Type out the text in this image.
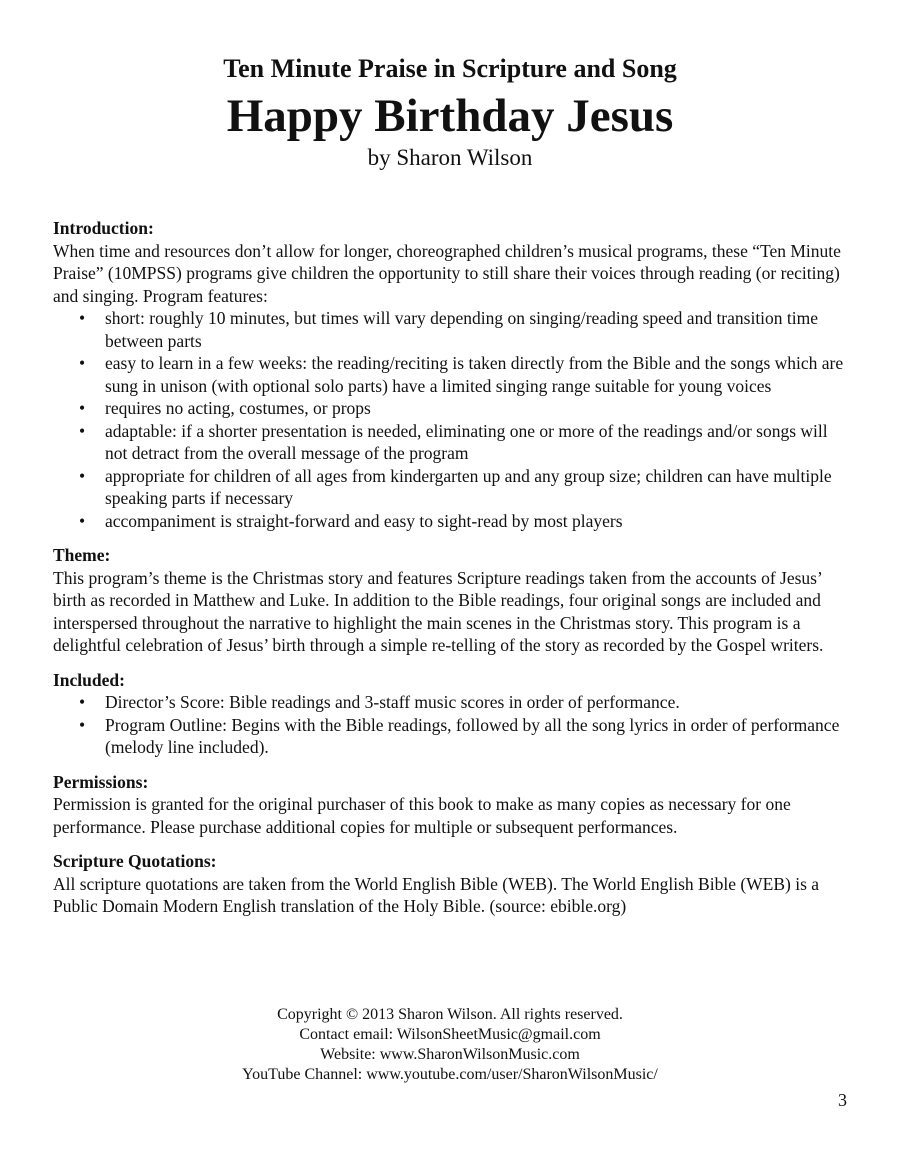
Ten Minute Praise in Scripture and Song

Happy Birthday Jesus

by Sharon Wilson

Introduction:

When time and resources don’t allow for longer, choreographed children’s musical programs, these “Ten Minute Praise” (10MPSS) programs give children the opportunity to still share their voices through reading (or reciting) and singing. Program features:

• short: roughly 10 minutes, but times will vary depending on singing/reading speed and transition time between parts
• easy to learn in a few weeks: the reading/reciting is taken directly from the Bible and the songs which are sung in unison (with optional solo parts) have a limited singing range suitable for young voices
• requires no acting, costumes, or props
• adaptable: if a shorter presentation is needed, eliminating one or more of the readings and/or songs will not detract from the overall message of the program
• appropriate for children of all ages from kindergarten up and any group size; children can have multiple speaking parts if necessary
• accompaniment is straight-forward and easy to sight-read by most players

Theme:

This program’s theme is the Christmas story and features Scripture readings taken from the accounts of Jesus’ birth as recorded in Matthew and Luke. In addition to the Bible readings, four original songs are included and interspersed throughout the narrative to highlight the main scenes in the Christmas story. This program is a delightful celebration of Jesus’ birth through a simple re-telling of the story as recorded by the Gospel writers.

Included:

• Director’s Score: Bible readings and 3-staff music scores in order of performance.
• Program Outline: Begins with the Bible readings, followed by all the song lyrics in order of performance (melody line included).

Permissions:

Permission is granted for the original purchaser of this book to make as many copies as necessary for one performance. Please purchase additional copies for multiple or subsequent performances.

Scripture Quotations:

All scripture quotations are taken from the World English Bible (WEB). The World English Bible (WEB) is a Public Domain Modern English translation of the Holy Bible. (source: ebible.org)

Copyright © 2013 Sharon Wilson. All rights reserved.

Contact email: WilsonSheetMusic@gmail.com

Website: www.SharonWilsonMusic.com

YouTube Channel: www.youtube.com/user/SharonWilsonMusic/

3
